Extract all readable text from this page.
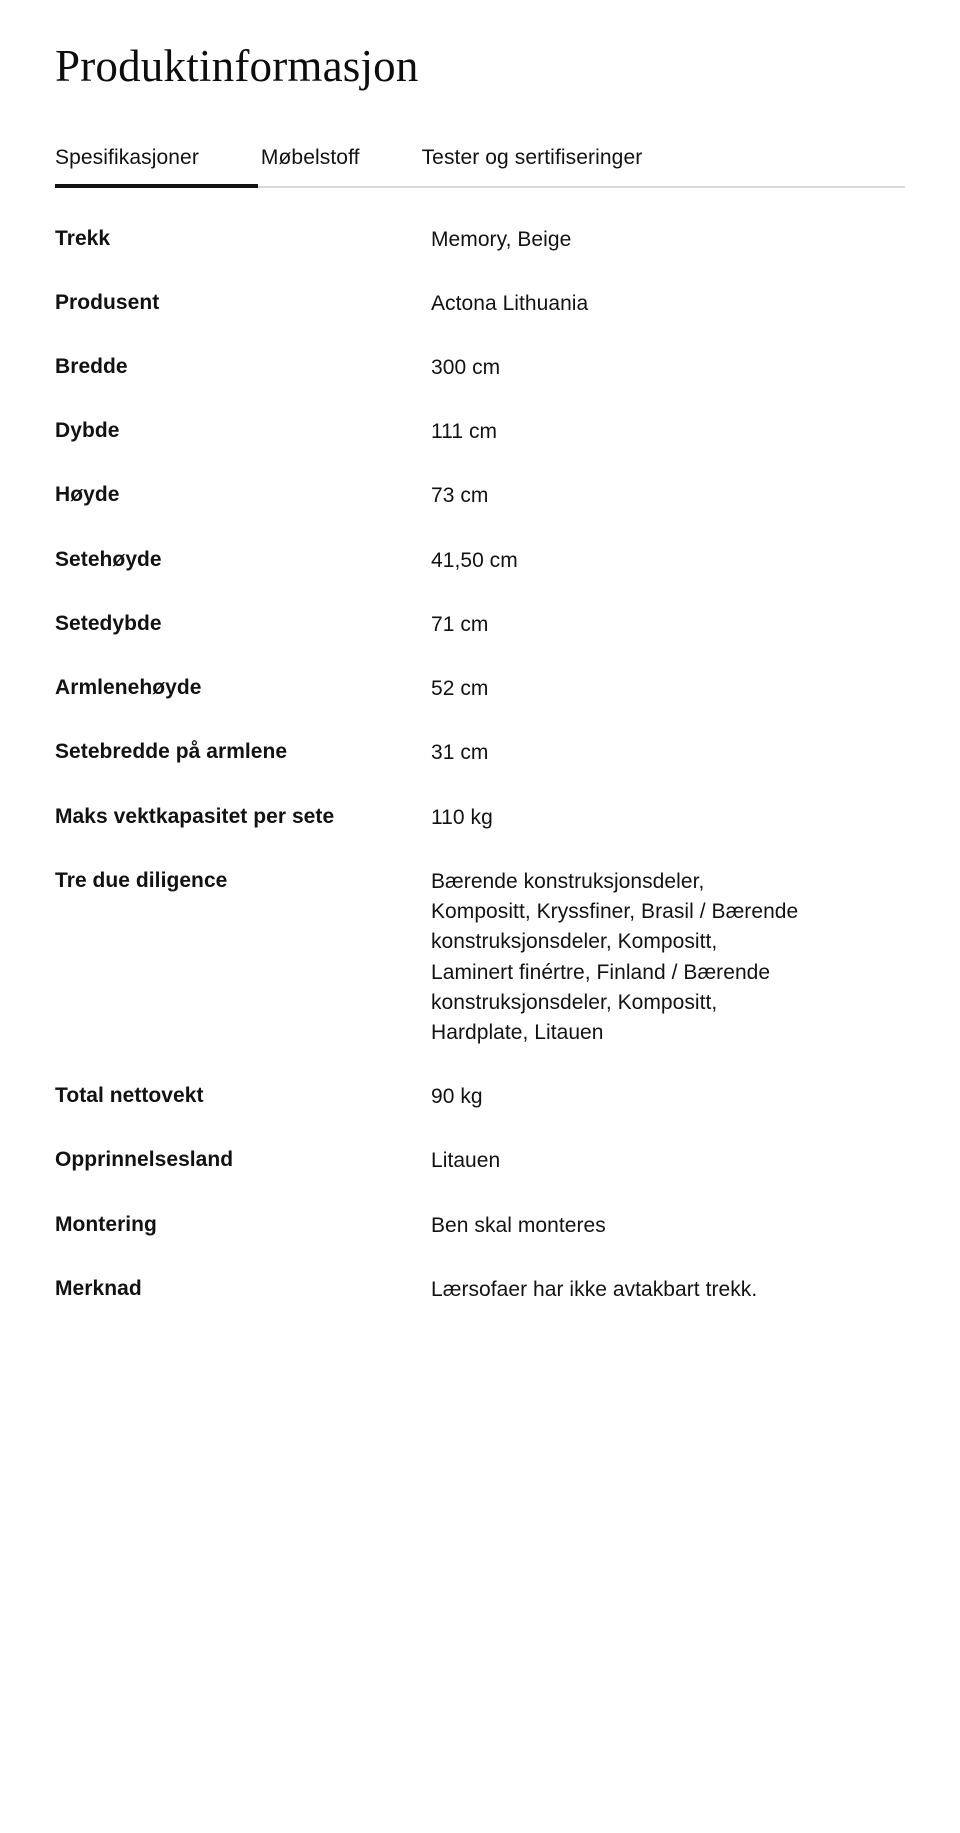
Produktinformasjon
Spesifikasjoner	Møbelstoff	Tester og sertifiseringer
Trekk	Memory, Beige
Produsent	Actona Lithuania
Bredde	300 cm
Dybde	111 cm
Høyde	73 cm
Setehøyde	41,50 cm
Setedybde	71 cm
Armlenehøyde	52 cm
Setebredde på armlene	31 cm
Maks vektkapasitet per sete	110 kg
Tre due diligence	Bærende konstruksjonsdeler, Kompositt, Kryssfiner, Brasil / Bærende konstruksjonsdeler, Kompositt, Laminert finértre, Finland / Bærende konstruksjonsdeler, Kompositt, Hardplate, Litauen
Total nettovekt	90 kg
Opprinnelsesland	Litauen
Montering	Ben skal monteres
Merknad	Lærsofaer har ikke avtakbart trekk.
